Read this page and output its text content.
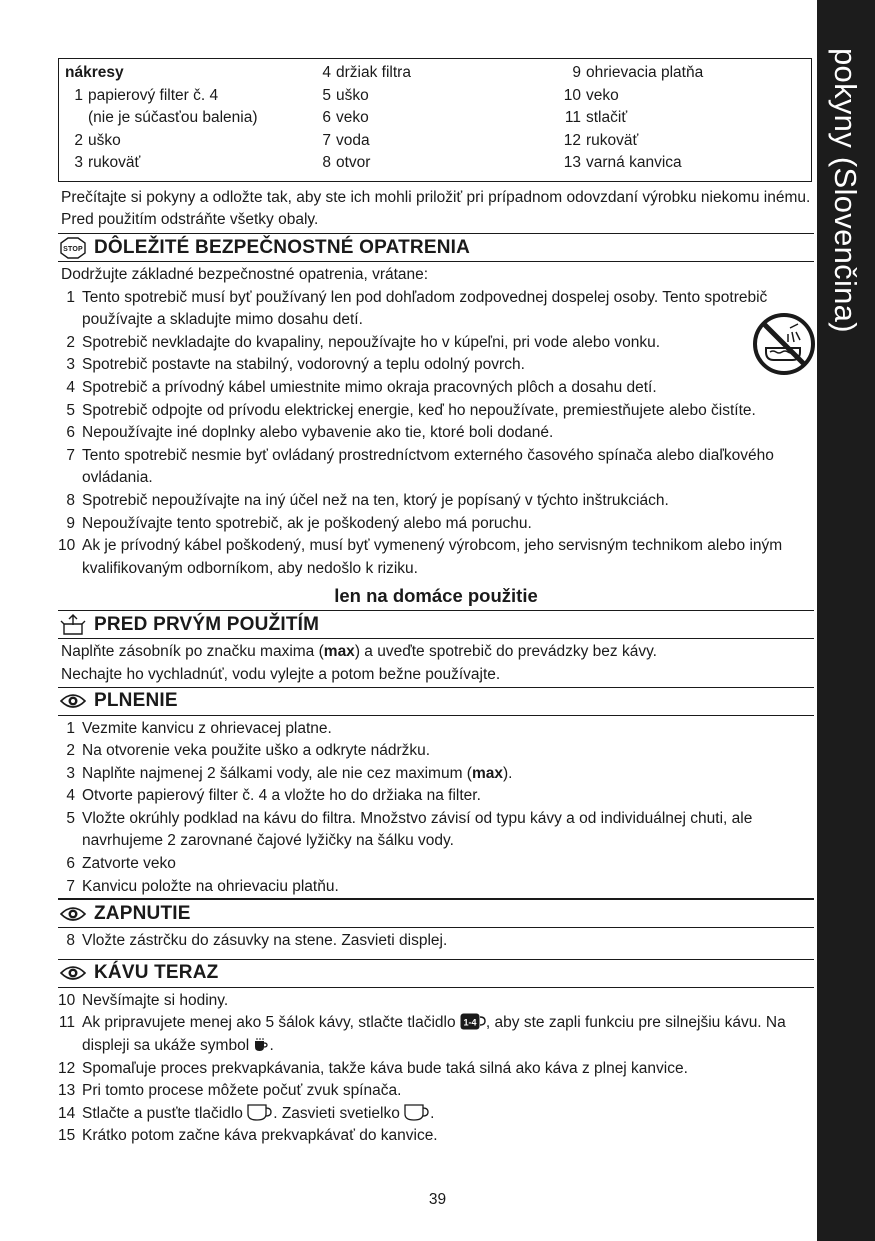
pokyny (Slovenčina)
nákresy
1 papierový filter č. 4
(nie je súčasťou balenia)
2 uško
3 rukoväť
4 držiak filtra
5 uško
6 veko
7 voda
8 otvor
9 ohrievacia platňa
10 veko
11 stlačiť
12 rukoväť
13 varná kanvica
Prečítajte si pokyny a odložte tak, aby ste ich mohli priložiť pri prípadnom odovzdaní výrobku niekomu inému. Pred použitím odstráňte všetky obaly.
STOP DÔLEŽITÉ BEZPEČNOSTNÉ OPATRENIA
Dodržujte základné bezpečnostné opatrenia, vrátane:
1 Tento spotrebič musí byť používaný len pod dohľadom zodpovednej dospelej osoby. Tento spotrebič používajte a skladujte mimo dosahu detí.
2 Spotrebič nevkladajte do kvapaliny, nepoužívajte ho v kúpeľni, pri vode alebo vonku.
3 Spotrebič postavte na stabilný, vodorovný a teplu odolný povrch.
4 Spotrebič a prívodný kábel umiestnite mimo okraja pracovných plôch a dosahu detí.
5 Spotrebič odpojte od prívodu elektrickej energie, keď ho nepoužívate, premiestňujete alebo čistíte.
6 Nepoužívajte iné doplnky alebo vybavenie ako tie, ktoré boli dodané.
7 Tento spotrebič nesmie byť ovládaný prostredníctvom externého časového spínača alebo diaľkového ovládania.
8 Spotrebič nepoužívajte na iný účel než na ten, ktorý je popísaný v týchto inštrukciách.
9 Nepoužívajte tento spotrebič, ak je poškodený alebo má poruchu.
10 Ak je prívodný kábel poškodený, musí byť vymenený výrobcom, jeho servisným technikom alebo iným kvalifikovaným odborníkom, aby nedošlo k riziku.
len na domáce použitie
PRED PRVÝM POUŽITÍM
Naplňte zásobník po značku maxima (max) a uveďte spotrebič do prevádzky bez kávy.
Nechajte ho vychladnúť, vodu vylejte a potom bežne používajte.
PLNENIE
1 Vezmite kanvicu z ohrievacej platne.
2 Na otvorenie veka použite uško a odkryte nádržku.
3 Naplňte najmenej 2 šálkami vody, ale nie cez maximum (max).
4 Otvorte papierový filter č. 4 a vložte ho do držiaka na filter.
5 Vložte okrúhly podklad na kávu do filtra. Množstvo závisí od typu kávy a od individuálnej chuti, ale navrhujeme 2 zarovnané čajové lyžičky na šálku vody.
6 Zatvorte veko
7 Kanvicu položte na ohrievaciu platňu.
ZAPNUTIE
8 Vložte zástrčku do zásuvky na stene. Zasvieti displej.
KÁVU TERAZ
10 Nevšímajte si hodiny.
11 Ak pripravujete menej ako 5 šálok kávy, stlačte tlačidlo 1-4 , aby ste zapli funkciu pre silnejšiu kávu. Na displeji sa ukáže symbol .
12 Spomaľuje proces prekvapkávania, takže káva bude taká silná ako káva z plnej kanvice.
13 Pri tomto procese môžete počuť zvuk spínača.
14 Stlačte a pusťte tlačidlo . Zasvieti svetielko .
15 Krátko potom začne káva prekvapkávať do kanvice.
39
